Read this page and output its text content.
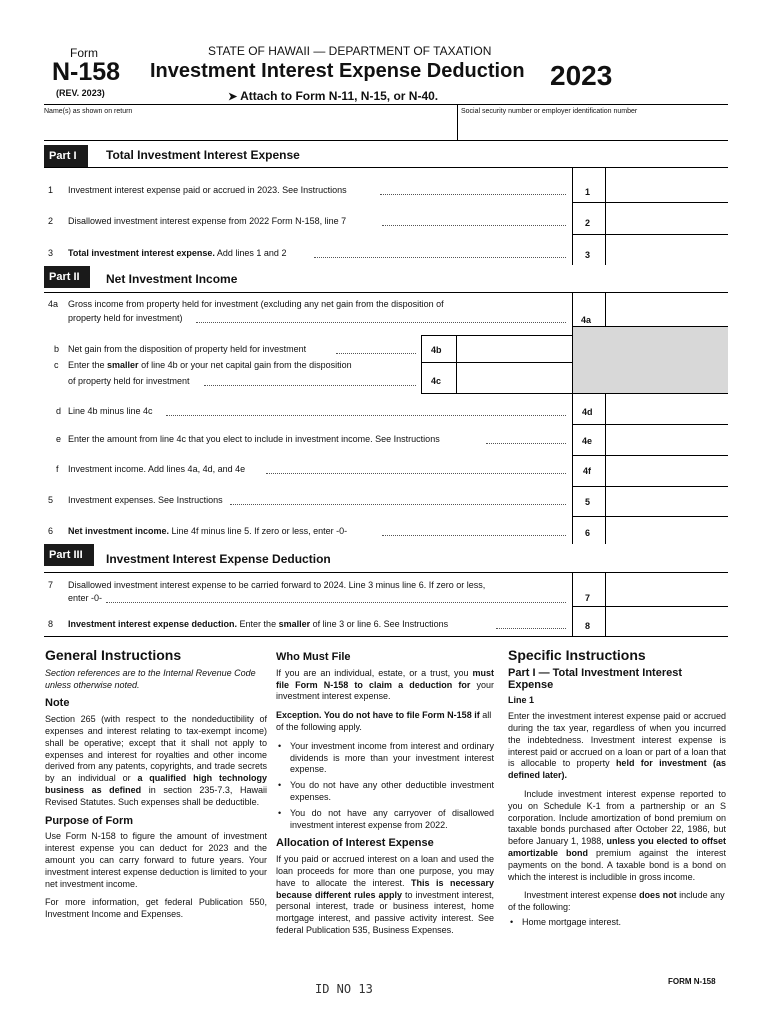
Form
N-158
(REV. 2023)
STATE OF HAWAII — DEPARTMENT OF TAXATION
Investment Interest Expense Deduction 2023
➤ Attach to Form N-11, N-15, or N-40.
Name(s) as shown on return	Social security number or employer identification number
Part I	Total Investment Interest Expense
1 Investment interest expense paid or accrued in 2023. See Instructions	1
2 Disallowed investment interest expense from 2022 Form N-158, line 7	2
3 Total investment interest expense. Add lines 1 and 2	3
Part II	Net Investment Income
4a Gross income from property held for investment (excluding any net gain from the disposition of
property held for investment)	4a
b Net gain from the disposition of property held for investment	4b
c Enter the smaller of line 4b or your net capital gain from the disposition
of property held for investment	4c
d Line 4b minus line 4c	4d
e Enter the amount from line 4c that you elect to include in investment income. See Instructions	4e
f Investment income. Add lines 4a, 4d, and 4e	4f
5 Investment expenses. See Instructions	5
6 Net investment income. Line 4f minus line 5. If zero or less, enter -0-	6
Part III	Investment Interest Expense Deduction
7 Disallowed investment interest expense to be carried forward to 2024. Line 3 minus line 6. If zero or less,
enter -0-	7
8 Investment interest expense deduction. Enter the smaller of line 3 or line 6. See Instructions	8
General Instructions

Section references are to the Internal Revenue Code unless otherwise noted.

Note

Section 265 (with respect to the nondeductibility of expenses and interest relating to tax-exempt income) shall be operative; except that it shall not apply to expenses and interest for royalties and other income derived from any patents, copyrights, and trade secrets by an individual or a qualified high technology business as defined in section 235-7.3, Hawaii Revised Statutes. Such expenses shall be deductible.

Purpose of Form

Use Form N-158 to figure the amount of investment interest expense you can deduct for 2023 and the amount you can carry forward to future years. Your investment interest expense deduction is limited to your net investment income.

For more information, get federal Publication 550, Investment Income and Expenses.

Who Must File

If you are an individual, estate, or a trust, you must file Form N-158 to claim a deduction for your investment interest expense.

Exception. You do not have to file Form N-158 if all of the following apply.

• Your investment income from interest and ordinary dividends is more than your investment interest expense.
• You do not have any other deductible investment expenses.
• You do not have any carryover of disallowed investment interest expense from 2022.
Allocation of Interest Expense

If you paid or accrued interest on a loan and used the loan proceeds for more than one purpose, you may have to allocate the interest. This is necessary because different rules apply to investment interest, personal interest, trade or business interest, home mortgage interest, and passive activity interest. See federal Publication 535, Business Expenses.

Specific Instructions
Part I — Total Investment Interest Expense
Line 1

Enter the investment interest expense paid or accrued during the tax year, regardless of when you incurred the indebtedness. Investment interest expense is interest paid or accrued on a loan or part of a loan that is allocable to property held for investment (as defined later).

Include investment interest expense reported to you on Schedule K-1 from a partnership or an S corporation. Include amortization of bond premium on taxable bonds purchased after October 22, 1986, but before January 1, 1988, unless you elected to offset amortizable bond premium against the interest payments on the bond. A taxable bond is a bond on which the interest is includible in gross income.

Investment interest expense does not include any of the following:

• Home mortgage interest.
ID NO 13
FORM N-158
